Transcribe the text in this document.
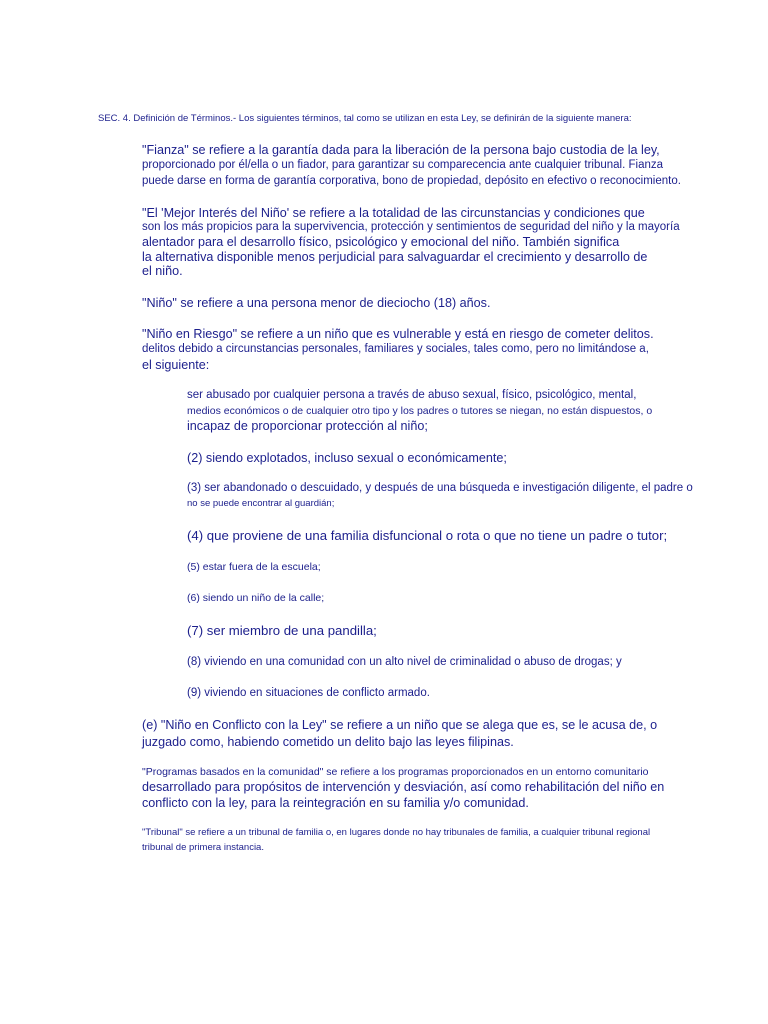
SEC. 4. Definición de Términos.- Los siguientes términos, tal como se utilizan en esta Ley, se definirán de la siguiente manera:

"Fianza" se refiere a la garantía dada para la liberación de la persona bajo custodia de la ley,

proporcionado por él/ella o un fiador, para garantizar su comparecencia ante cualquier tribunal. Fianza

puede darse en forma de garantía corporativa, bono de propiedad, depósito en efectivo o reconocimiento.

"El 'Mejor Interés del Niño' se refiere a la totalidad de las circunstancias y condiciones que

son los más propicios para la supervivencia, protección y sentimientos de seguridad del niño y la mayoría

alentador para el desarrollo físico, psicológico y emocional del niño. También significa

la alternativa disponible menos perjudicial para salvaguardar el crecimiento y desarrollo de

el niño.

"Niño" se refiere a una persona menor de dieciocho (18) años.

"Niño en Riesgo" se refiere a un niño que es vulnerable y está en riesgo de cometer delitos.

delitos debido a circunstancias personales, familiares y sociales, tales como, pero no limitándose a,

el siguiente:

ser abusado por cualquier persona a través de abuso sexual, físico, psicológico, mental,

medios económicos o de cualquier otro tipo y los padres o tutores se niegan, no están dispuestos, o

incapaz de proporcionar protección al niño;

(2) siendo explotados, incluso sexual o económicamente;

(3) ser abandonado o descuidado, y después de una búsqueda e investigación diligente, el padre o

no se puede encontrar al guardián;

(4) que proviene de una familia disfuncional o rota o que no tiene un padre o tutor;

(5) estar fuera de la escuela;

(6) siendo un niño de la calle;

(7) ser miembro de una pandilla;

(8) viviendo en una comunidad con un alto nivel de criminalidad o abuso de drogas; y

(9) viviendo en situaciones de conflicto armado.

(e) "Niño en Conflicto con la Ley" se refiere a un niño que se alega que es, se le acusa de, o

juzgado como, habiendo cometido un delito bajo las leyes filipinas.

"Programas basados en la comunidad" se refiere a los programas proporcionados en un entorno comunitario

desarrollado para propósitos de intervención y desviación, así como rehabilitación del niño en

conflicto con la ley, para la reintegración en su familia y/o comunidad.

"Tribunal" se refiere a un tribunal de familia o, en lugares donde no hay tribunales de familia, a cualquier tribunal regional

tribunal de primera instancia.
